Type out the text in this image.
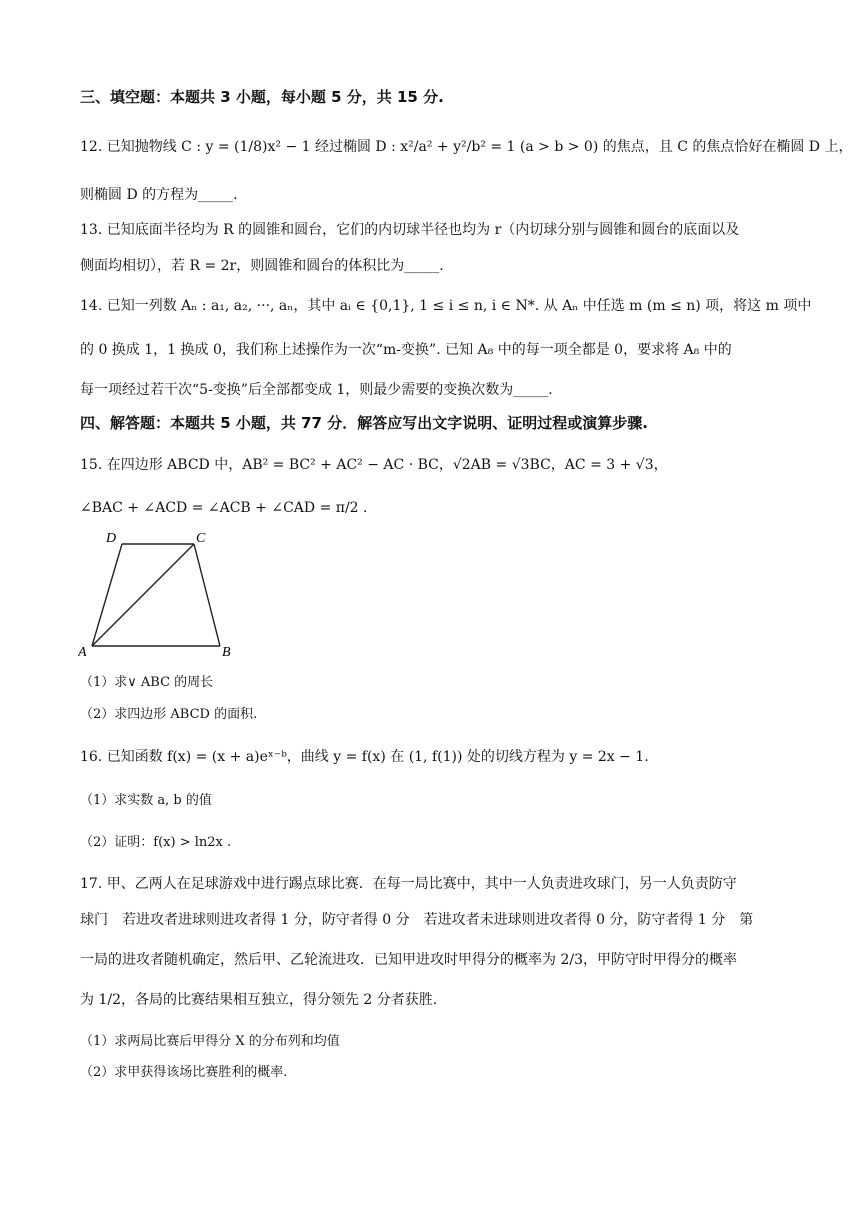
三、填空题：本题共 3 小题，每小题 5 分，共 15 分.
12. 已知抛物线 C : y = (1/8)x² − 1 经过椭圆 D : x²/a² + y²/b² = 1 (a > b > 0) 的焦点，且 C 的焦点恰好在椭圆 D 上，
则椭圆 D 的方程为_____.
13. 已知底面半径均为 R 的圆锥和圆台，它们的内切球半径也均为 r（内切球分别与圆锥和圆台的底面以及
侧面均相切），若 R = 2r，则圆锥和圆台的体积比为_____.
14. 已知一列数 Aₙ : a₁, a₂, ···, aₙ，其中 aᵢ ∈ {0,1}, 1 ≤ i ≤ n, i ∈ N*. 从 Aₙ 中任选 m (m ≤ n) 项，将这 m 项中
的 0 换成 1，1 换成 0，我们称上述操作为一次“m-变换”. 已知 A₈ 中的每一项全都是 0，要求将 A₈ 中的
每一项经过若干次“5-变换”后全部都变成 1，则最少需要的变换次数为_____.
四、解答题：本题共 5 小题，共 77 分．解答应写出文字说明、证明过程或演算步骤.
15. 在四边形 ABCD 中，AB² = BC² + AC² − AC · BC，√2AB = √3BC，AC = 3 + √3，
∠BAC + ∠ACD = ∠ACB + ∠CAD = π/2 .
A	B
C
D
（1）求∨ ABC 的周长
（2）求四边形 ABCD 的面积.
16. 已知函数 f(x) = (x + a)eˣ⁻ᵇ，曲线 y = f(x) 在 (1, f(1)) 处的切线方程为 y = 2x − 1.
（1）求实数 a, b 的值
（2）证明：f(x) > ln2x .
17. 甲、乙两人在足球游戏中进行踢点球比赛．在每一局比赛中，其中一人负责进攻球门，另一人负责防守
球门　若进攻者进球则进攻者得 1 分，防守者得 0 分　若进攻者未进球则进攻者得 0 分，防守者得 1 分　第
一局的进攻者随机确定，然后甲、乙轮流进攻．已知甲进攻时甲得分的概率为 2/3，甲防守时甲得分的概率
为 1/2，各局的比赛结果相互独立，得分领先 2 分者获胜.
（1）求两局比赛后甲得分 X 的分布列和均值
（2）求甲获得该场比赛胜利的概率.
